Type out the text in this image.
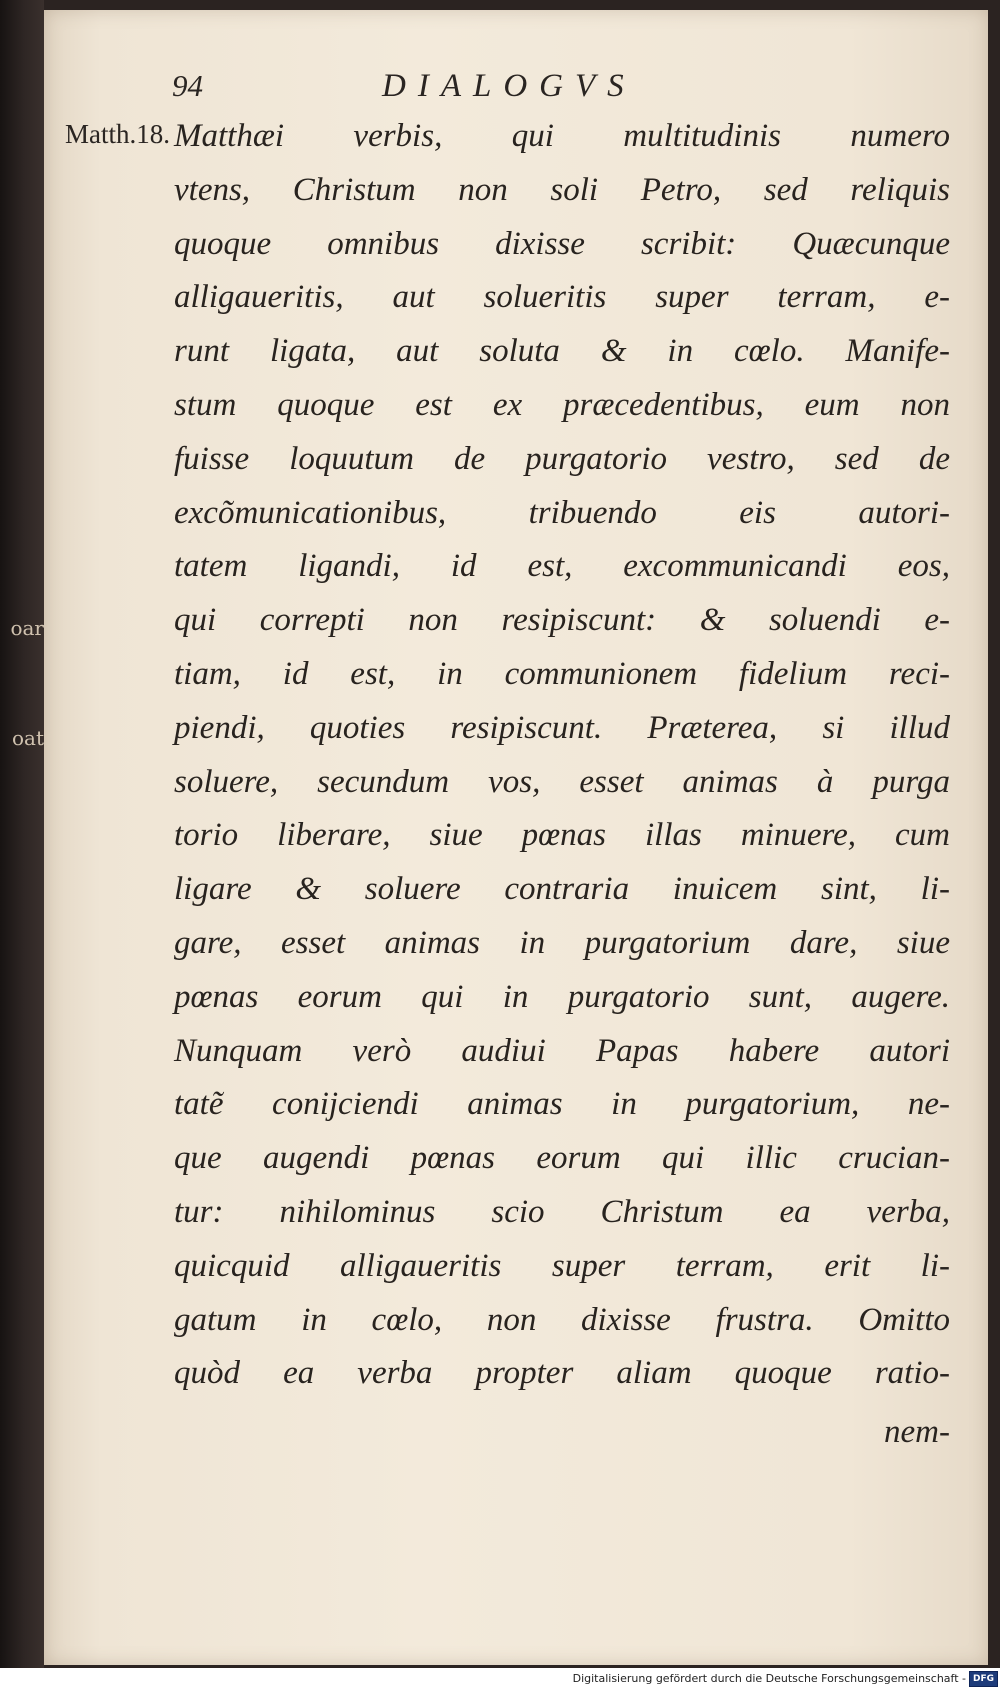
oar
oat
94	DIALOGVS
Matth.18. Matthæi verbis, qui multitudinis numero
vtens, Christum non soli Petro, sed reliquis
quoque omnibus dixisse scribit: Quæcunque
alligaueritis, aut solueritis super terram, e-
runt ligata, aut soluta & in cœlo. Manife-
stum quoque est ex præcedentibus, eum non
fuisse loquutum de purgatorio vestro, sed de
excõmunicationibus, tribuendo eis autori-
tatem ligandi, id est, excommunicandi eos,
qui correpti non resipiscunt: & soluendi e-
tiam, id est, in communionem fidelium reci-
piendi, quoties resipiscunt. Præterea, si illud
soluere, secundum vos, esset animas à purga
torio liberare, siue pœnas illas minuere, cum
ligare & soluere contraria inuicem sint, li-
gare, esset animas in purgatorium dare, siue
pœnas eorum qui in purgatorio sunt, augere.
Nunquam verò audiui Papas habere autori
tatẽ conijciendi animas in purgatorium, ne-
que augendi pœnas eorum qui illic crucian-
tur: nihilominus scio Christum ea verba,
quicquid alligaueritis super terram, erit li-
gatum in cœlo, non dixisse frustra. Omitto
quòd ea verba propter aliam quoque ratio-
nem-
Digitalisierung gefördert durch die Deutsche Forschungsgemeinschaft - DFG
